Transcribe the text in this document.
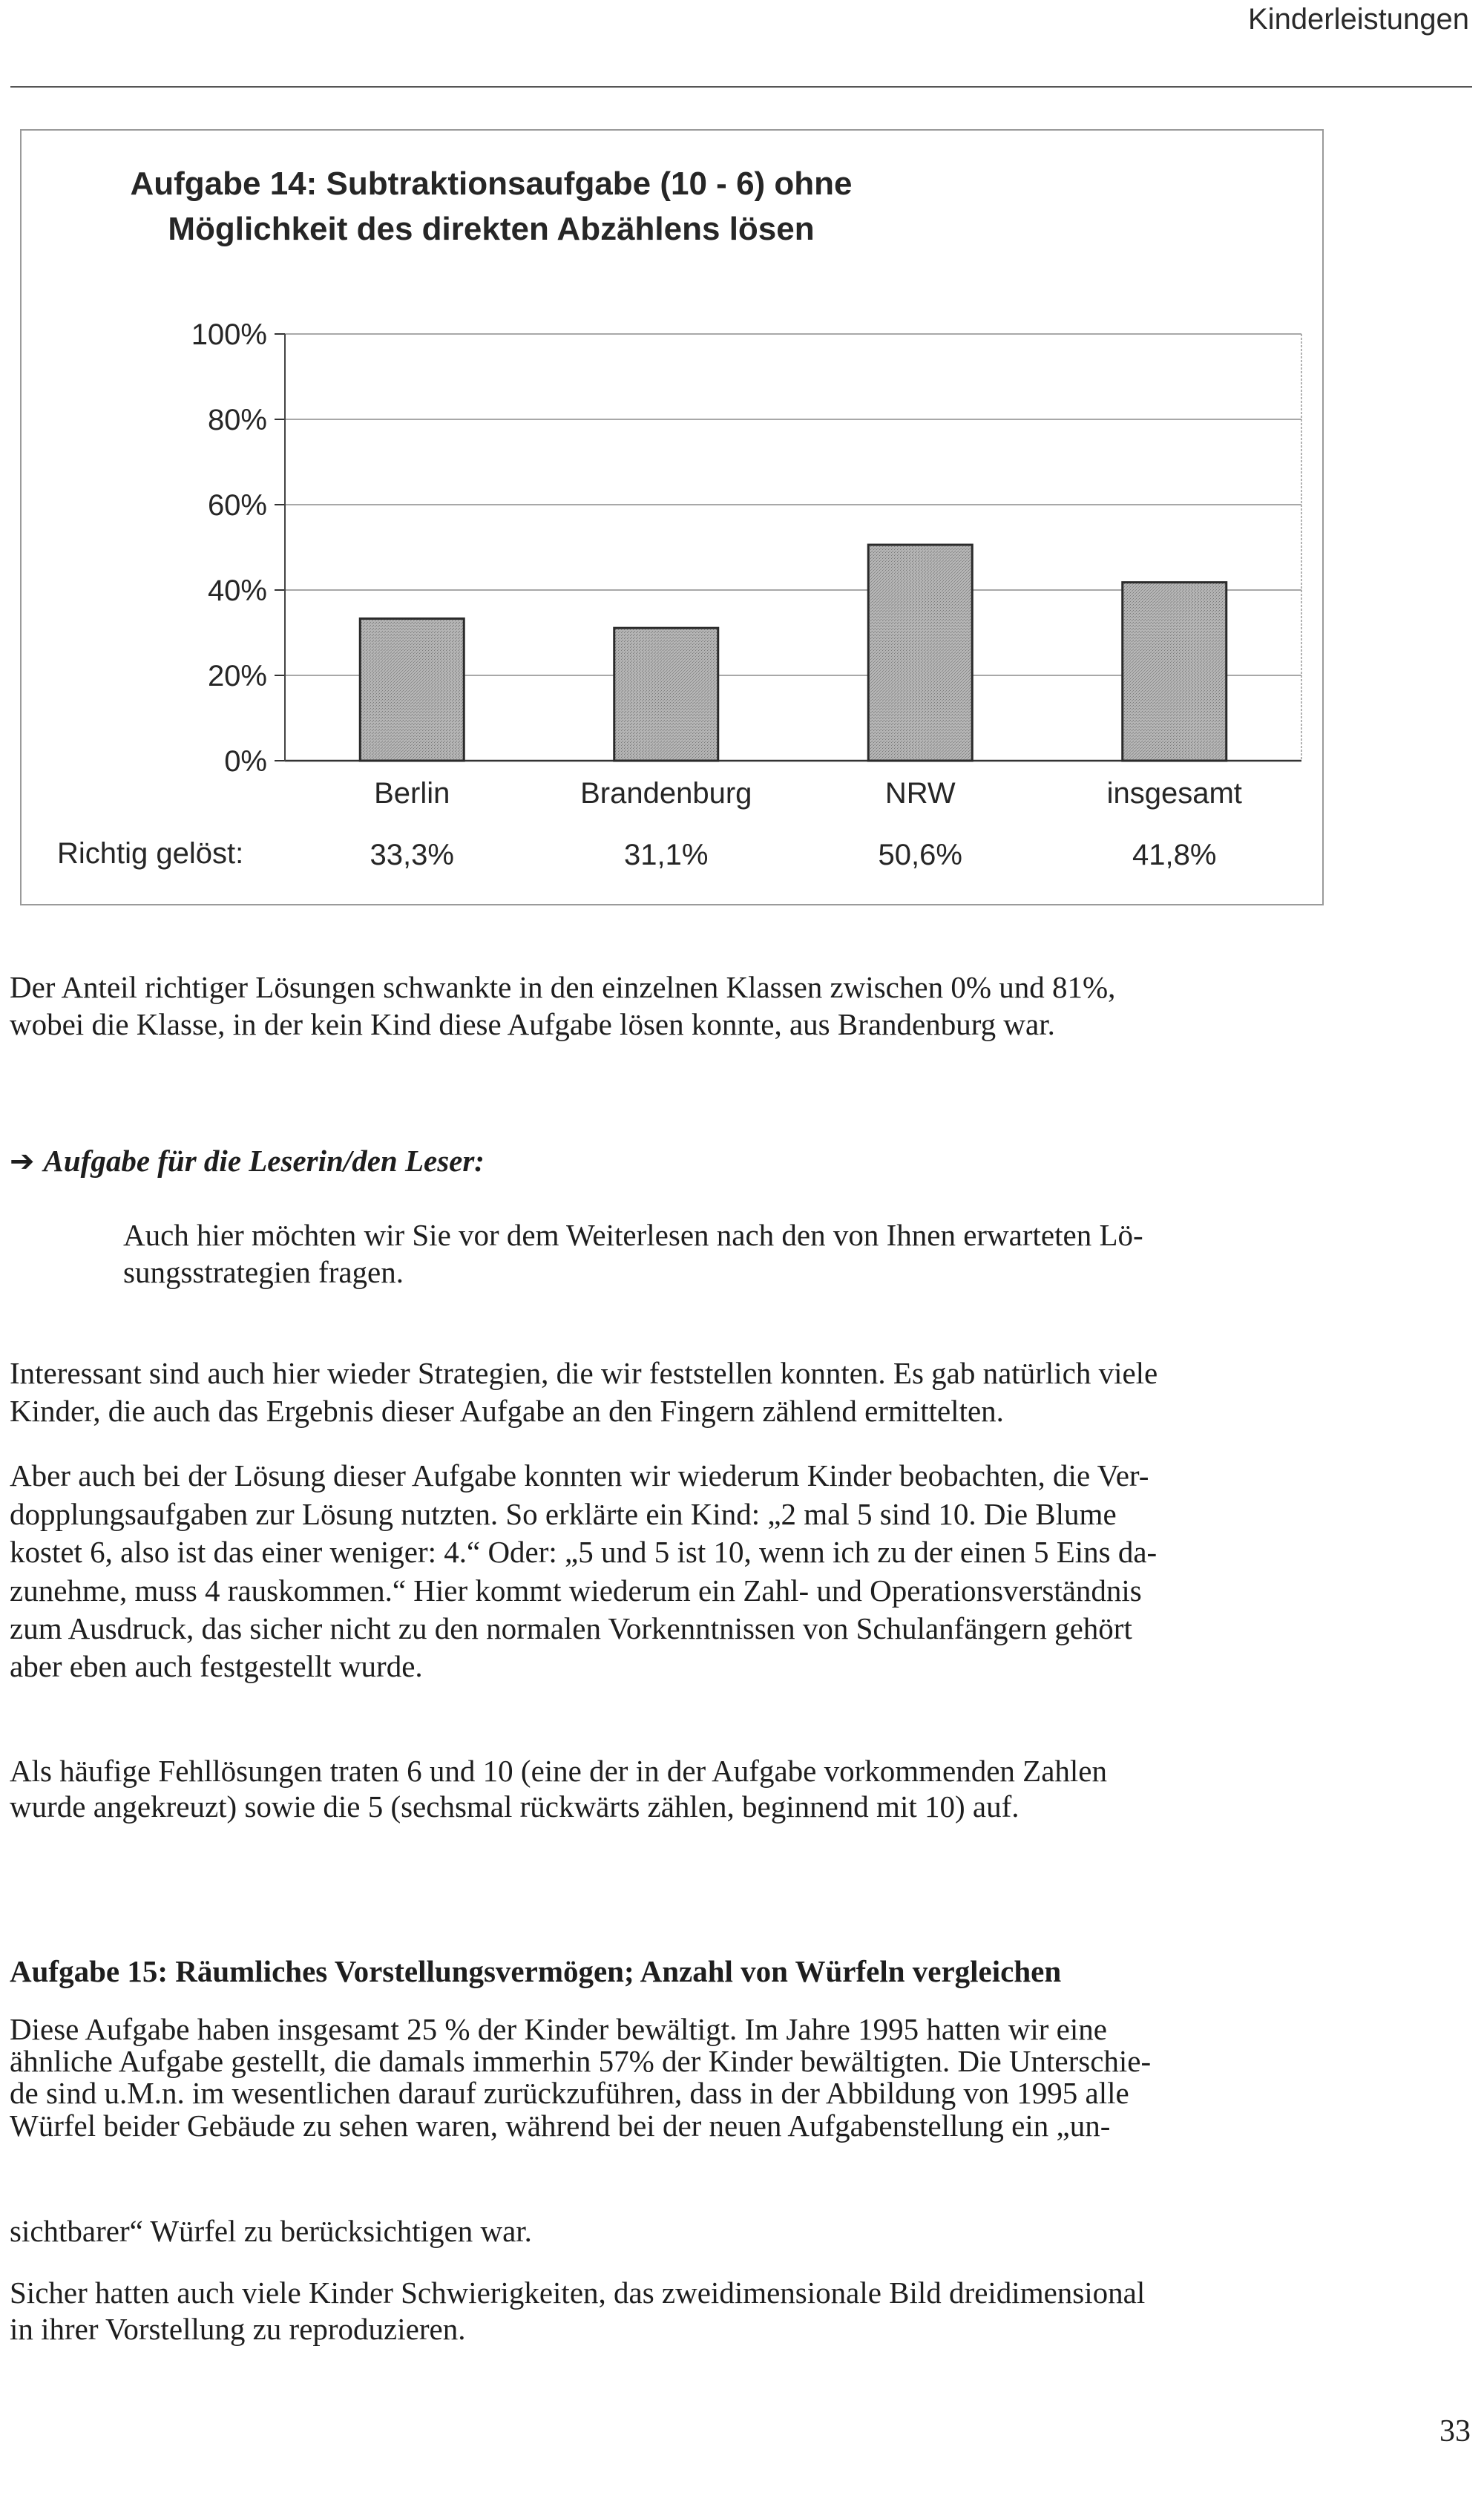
Kinderleistungen
Aufgabe 14: Subtraktionsaufgabe (10 - 6) ohne
Möglichkeit des direkten Abzählens lösen
0%
20%
40%
60%
80%
100%
Berlin
33,3%
Brandenburg
31,1%
NRW
50,6%
insgesamt
41,8%
Richtig gelöst:
Der Anteil richtiger Lösungen schwankte in den einzelnen Klassen zwischen 0% und 81%,
wobei die Klasse, in der kein Kind diese Aufgabe lösen konnte, aus Brandenburg war.
➔ Aufgabe für die Leserin/den Leser:
Auch hier möchten wir Sie vor dem Weiterlesen nach den von Ihnen erwarteten Lö-
sungsstrategien fragen.
Interessant sind auch hier wieder Strategien, die wir feststellen konnten. Es gab natürlich viele
Kinder, die auch das Ergebnis dieser Aufgabe an den Fingern zählend ermittelten.
Aber auch bei der Lösung dieser Aufgabe konnten wir wiederum Kinder beobachten, die Ver-
dopplungsaufgaben zur Lösung nutzten. So erklärte ein Kind: „2 mal 5 sind 10. Die Blume
kostet 6, also ist das einer weniger: 4.“ Oder: „5 und 5 ist 10, wenn ich zu der einen 5 Eins da-
zunehme, muss 4 rauskommen.“ Hier kommt wiederum ein Zahl- und Operationsverständnis
zum Ausdruck, das sicher nicht zu den normalen Vorkenntnissen von Schulanfängern gehört
aber eben auch festgestellt wurde.
Als häufige Fehllösungen traten 6 und 10 (eine der in der Aufgabe vorkommenden Zahlen
wurde angekreuzt) sowie die 5 (sechsmal rückwärts zählen, beginnend mit 10) auf.
Aufgabe 15: Räumliches Vorstellungsvermögen; Anzahl von Würfeln vergleichen
Diese Aufgabe haben insgesamt 25 % der Kinder bewältigt. Im Jahre 1995 hatten wir eine
ähnliche Aufgabe gestellt, die damals immerhin 57% der Kinder bewältigten. Die Unterschie-
de sind u.M.n. im wesentlichen darauf zurückzuführen, dass in der Abbildung von 1995 alle
Würfel beider Gebäude zu sehen waren, während bei der neuen Aufgabenstellung ein „un-
sichtbarer“ Würfel zu berücksichtigen war.
Sicher hatten auch viele Kinder Schwierigkeiten, das zweidimensionale Bild dreidimensional
in ihrer Vorstellung zu reproduzieren.
33
